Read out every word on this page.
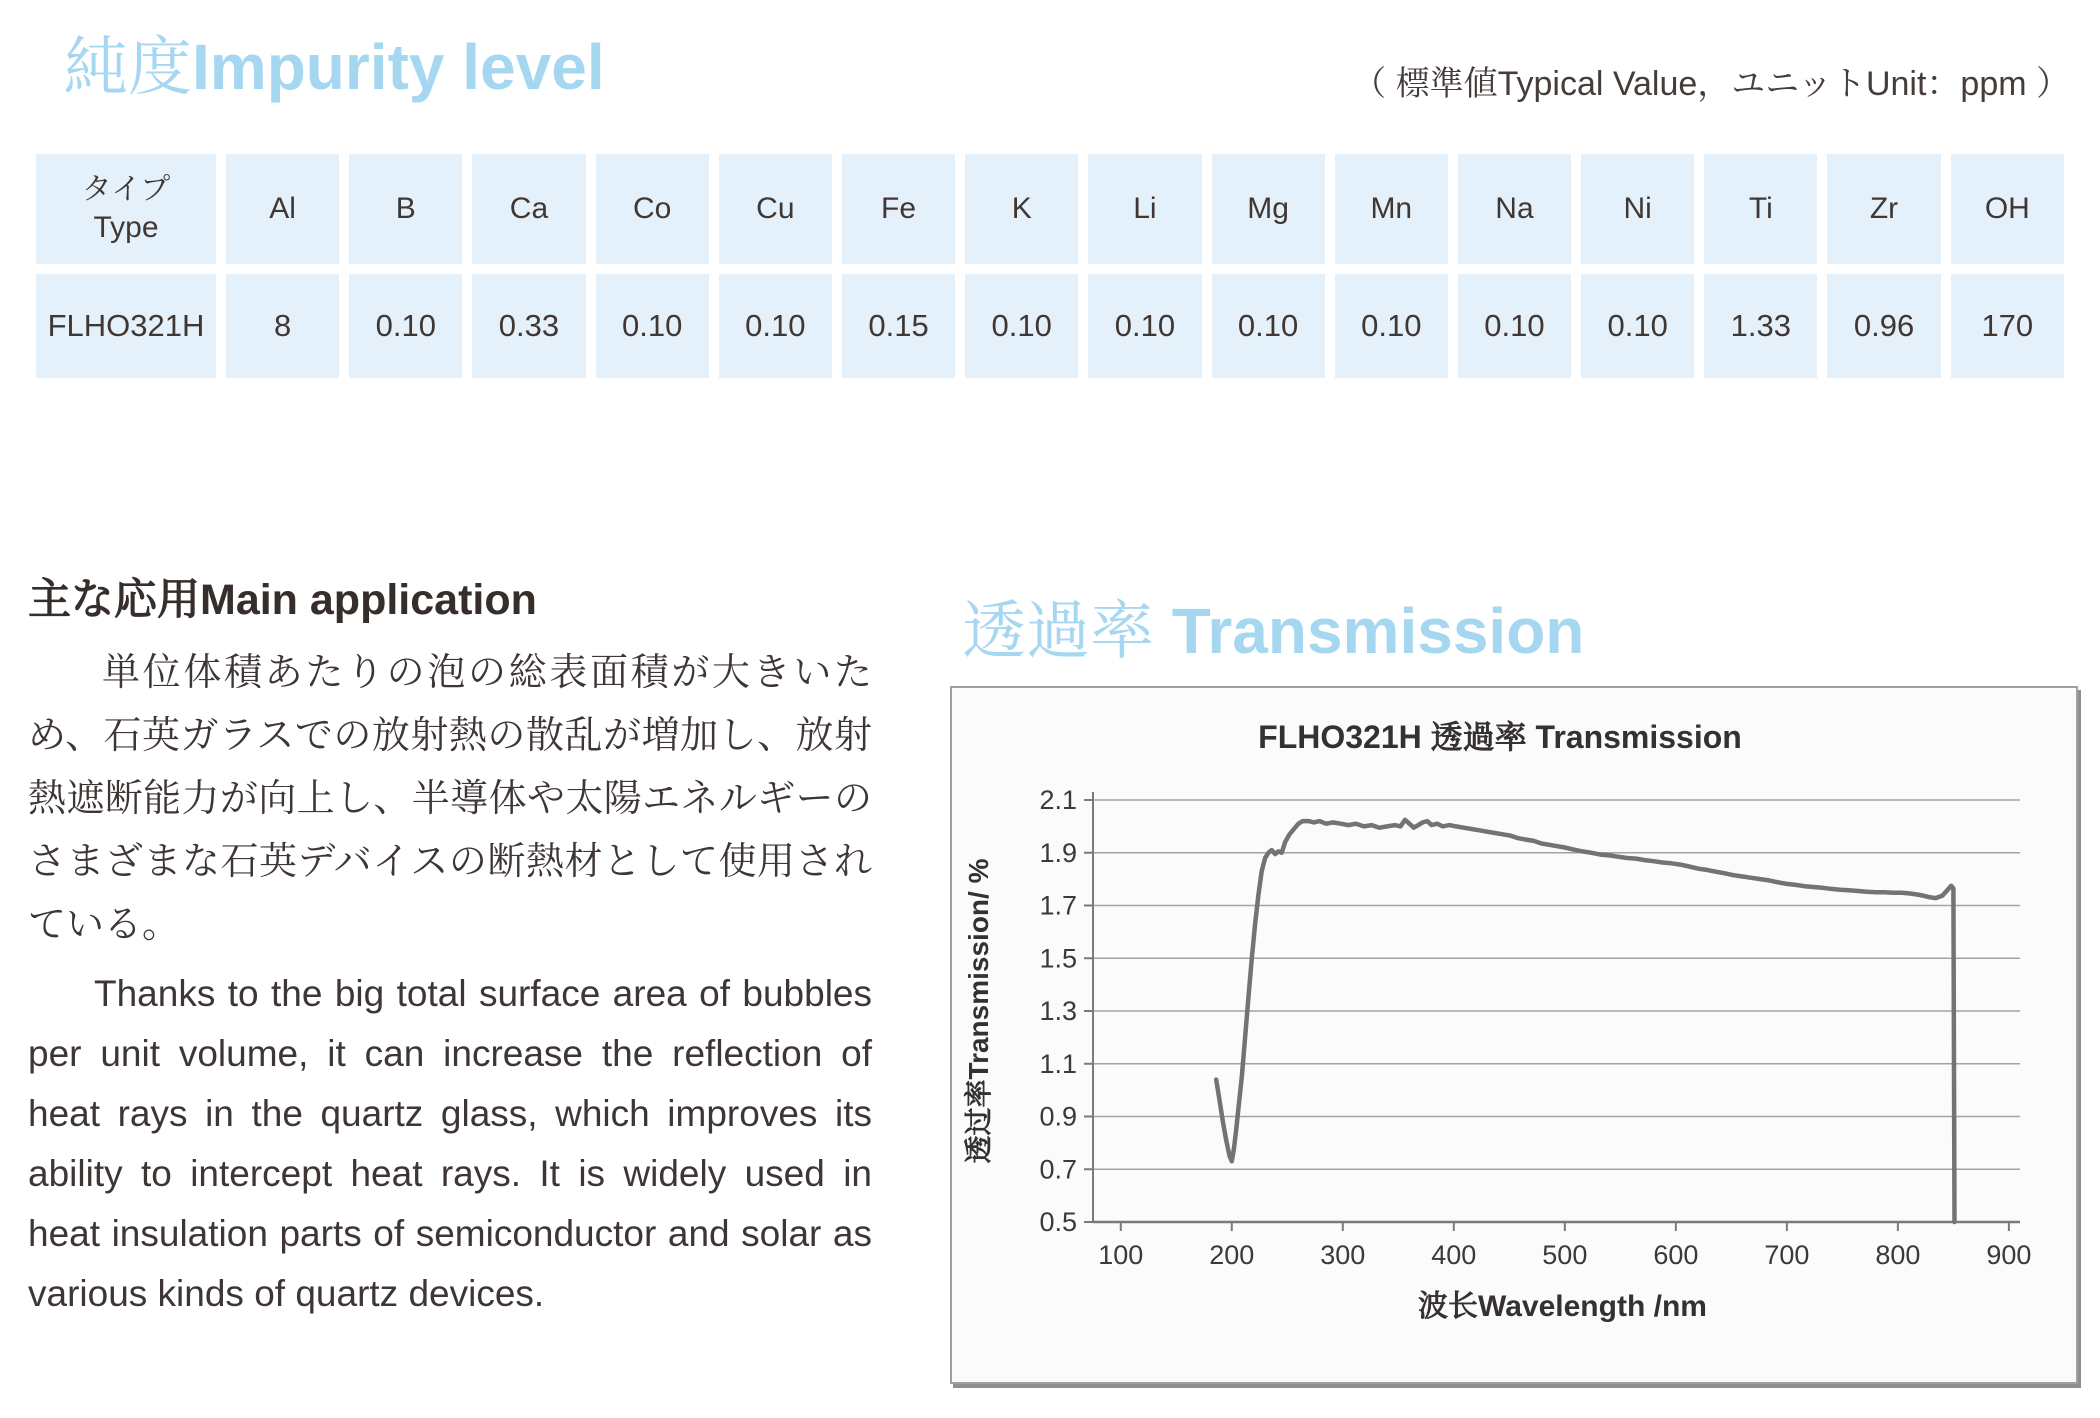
純度Impurity level	（ 標準値Typical Value，ユニットUnit：ppm ）
タイプ
Type	Al	B	Ca	Co	Cu	Fe	K	Li	Mg	Mn	Na	Ni	Ti	Zr	OH
FLHO321H	8	0.10	0.33	0.10	0.10	0.15	0.10	0.10	0.10	0.10	0.10	0.10	1.33	0.96	170
主な応用Main application

単位体積あたりの泡の総表面積が大きいため、石英ガラスでの放射熱の散乱が増加し、放射熱遮断能力が向上し、半導体や太陽エネルギーのさまざまな石英デバイスの断熱材として使用されている。

Thanks to the big total surface area of bubbles per unit volume, it can increase the reflection of heat rays in the quartz glass, which improves its ability to intercept heat rays. It is widely used in heat insulation parts of semiconductor and solar as various kinds of quartz devices.

透過率 Transmission
0.5
0.7
0.9
1.1
1.3
1.5
1.7
1.9
2.1
100 200 300 400 500 600 700 800 900
FLHO321H 透過率 Transmission
波长Wavelength /nm
透过率Transmission/ %
